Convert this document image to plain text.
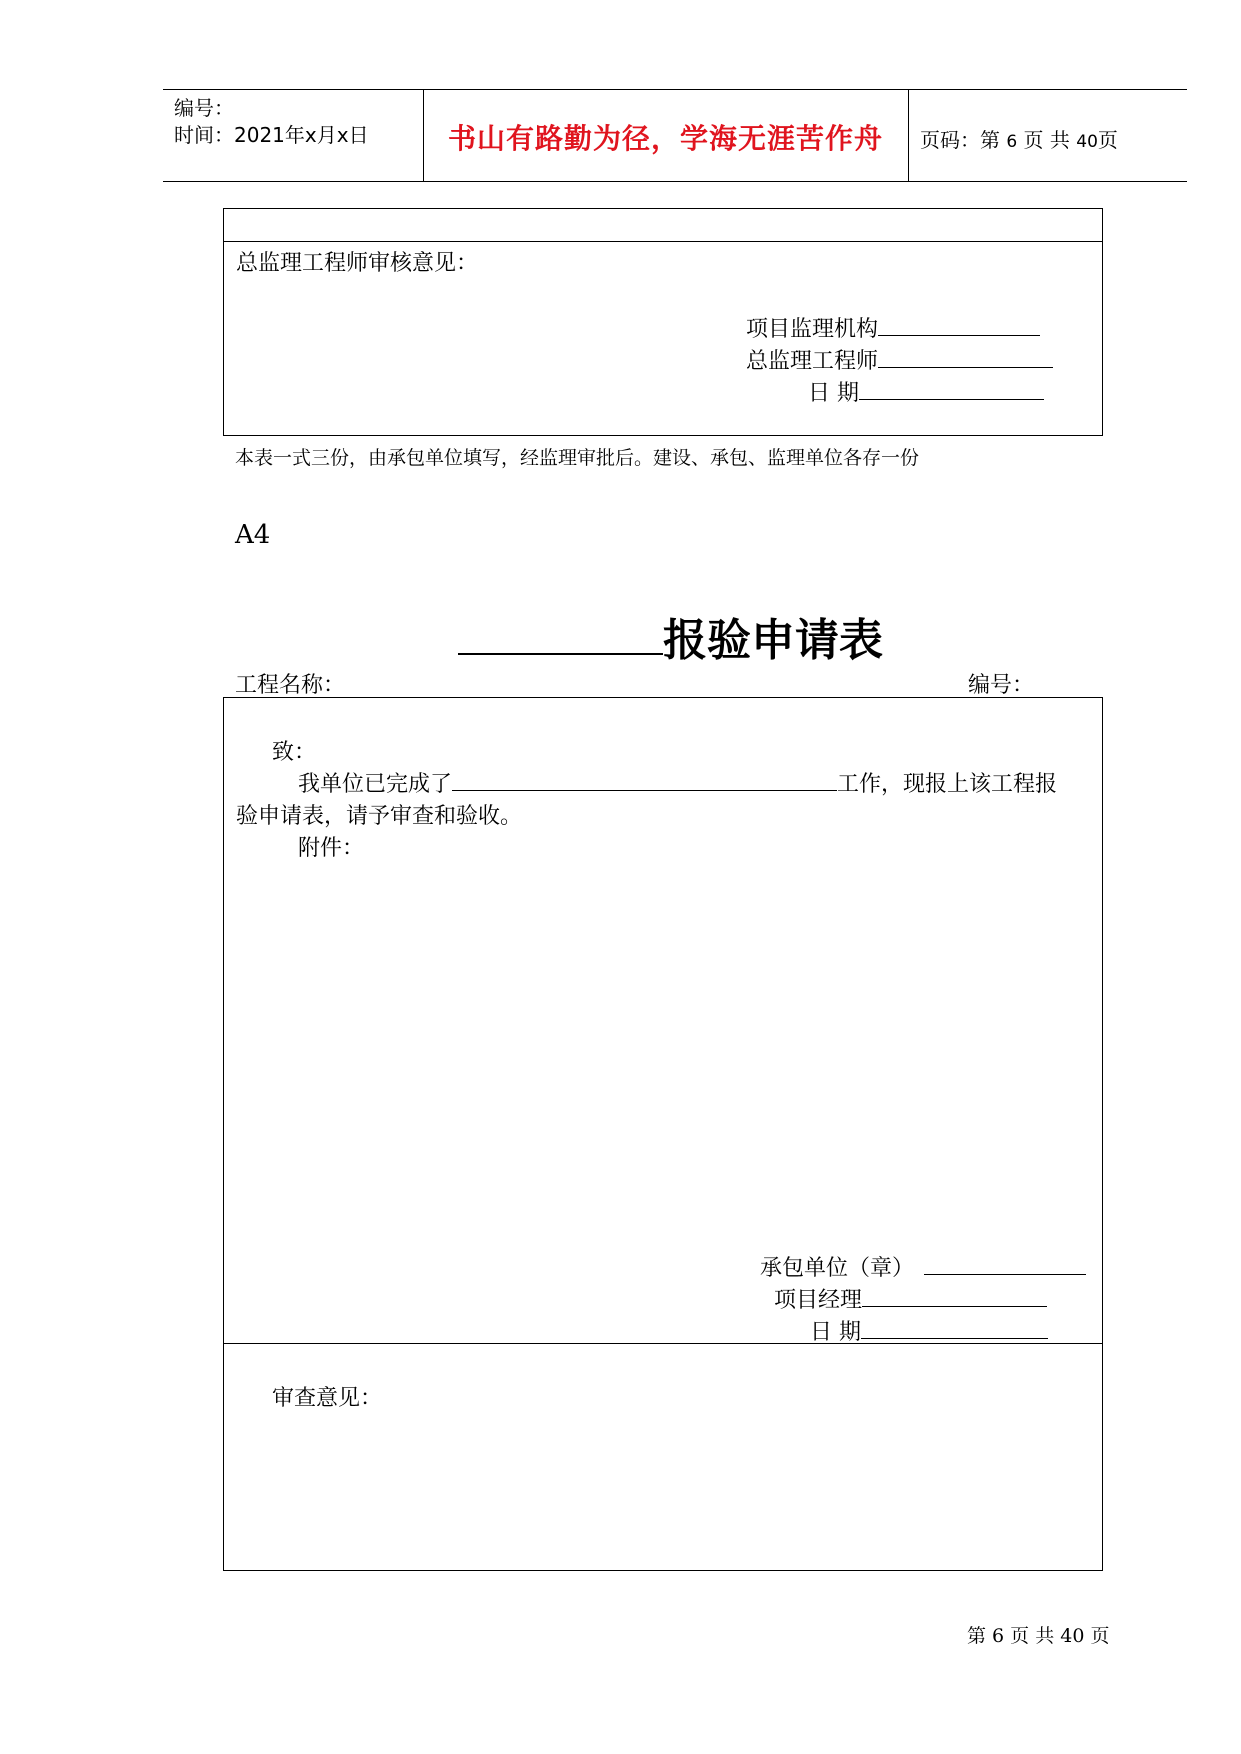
编号：
时间：2021年x月x日	书山有路勤为径，学海无涯苦作舟	页码：第 6 页 共 40页
总监理工程师审核意见：
项目监理机构
总监理工程师
日 期
本表一式三份，由承包单位填写，经监理审批后。建设、承包、监理单位各存一份
A4
报验申请表
工程名称：	编号：
致：
我单位已完成了	工作，现报上该工程报
验申请表，请予审查和验收。
附件：
承包单位（章）
项目经理
日 期
审查意见：
第 6 页 共 40 页
